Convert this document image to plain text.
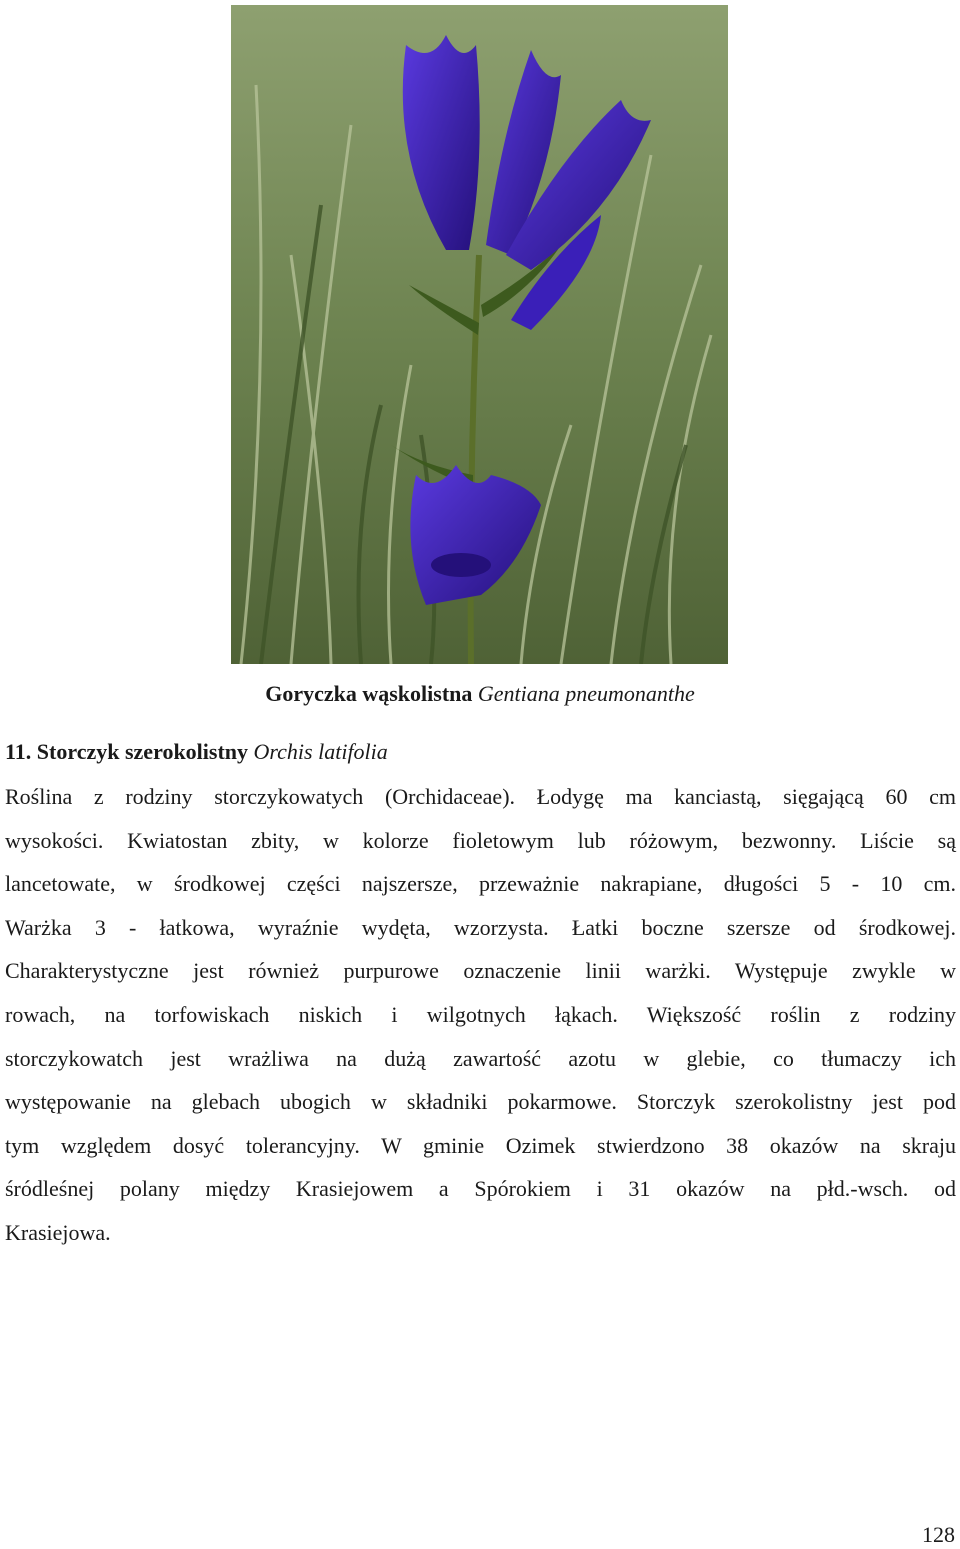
Goryczka wąskolistna Gentiana pneumonanthe
11. Storczyk szerokolistny Orchis latifolia
Roślina z rodziny storczykowatych (Orchidaceae). Łodygę ma kanciastą, sięgającą 60 cm
wysokości. Kwiatostan zbity, w kolorze fioletowym lub różowym, bezwonny. Liście są
lancetowate, w środkowej części najszersze, przeważnie nakrapiane, długości 5 - 10 cm.
Warżka 3 - łatkowa, wyraźnie wydęta, wzorzysta. Łatki boczne szersze od środkowej.
Charakterystyczne jest również purpurowe oznaczenie linii warżki. Występuje zwykle w
rowach, na torfowiskach niskich i wilgotnych łąkach. Większość roślin z rodziny
storczykowatch jest wrażliwa na dużą zawartość azotu w glebie, co tłumaczy ich
występowanie na glebach ubogich w składniki pokarmowe. Storczyk szerokolistny jest pod
tym względem dosyć tolerancyjny. W gminie Ozimek stwierdzono 38 okazów na skraju
śródleśnej polany między Krasiejowem a Spórokiem i 31 okazów na płd.-wsch. od
Krasiejowa.
128
